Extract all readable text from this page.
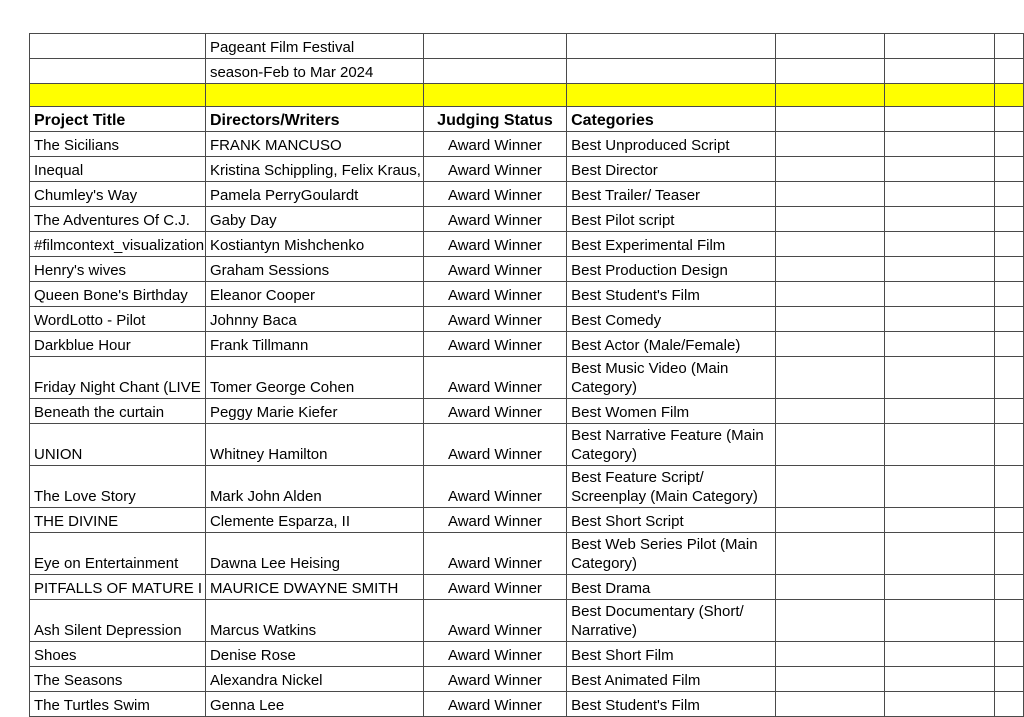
	Pageant Film Festival					
	season-Feb to Mar 2024					

Project Title	Directors/Writers	Judging Status	Categories			
The Sicilians	FRANK MANCUSO	Award Winner	Best Unproduced Script			
Inequal	Kristina Schippling, Felix Kraus,	Award Winner	Best Director			
Chumley's Way	Pamela PerryGoulardt	Award Winner	Best Trailer/ Teaser			
The Adventures Of C.J.	Gaby Day	Award Winner	Best Pilot script			
#filmcontext_visualization	Kostiantyn Mishchenko	Award Winner	Best Experimental Film			
Henry's wives	Graham Sessions	Award Winner	Best Production Design			
Queen Bone's Birthday	Eleanor Cooper	Award Winner	Best Student's Film			
WordLotto - Pilot	Johnny Baca	Award Winner	Best Comedy			
Darkblue Hour	Frank Tillmann	Award Winner	Best Actor (Male/Female)			
Friday Night Chant (LIVE	Tomer George Cohen	Award Winner	Best Music Video (Main Category)			
Beneath the curtain	Peggy Marie Kiefer	Award Winner	Best Women Film			
UNION	Whitney Hamilton	Award Winner	Best Narrative Feature (Main Category)			
The Love Story	Mark John Alden	Award Winner	Best Feature Script/ Screenplay (Main Category)			
THE DIVINE	Clemente Esparza, II	Award Winner	Best Short Script			
Eye on Entertainment	Dawna Lee Heising	Award Winner	Best Web Series Pilot (Main Category)			
PITFALLS OF MATURE I	MAURICE DWAYNE SMITH	Award Winner	Best Drama			
Ash Silent Depression	Marcus Watkins	Award Winner	Best Documentary (Short/ Narrative)			
Shoes	Denise Rose	Award Winner	Best Short Film			
The Seasons	Alexandra Nickel	Award Winner	Best Animated Film			
The Turtles Swim	Genna Lee	Award Winner	Best Student's Film			
